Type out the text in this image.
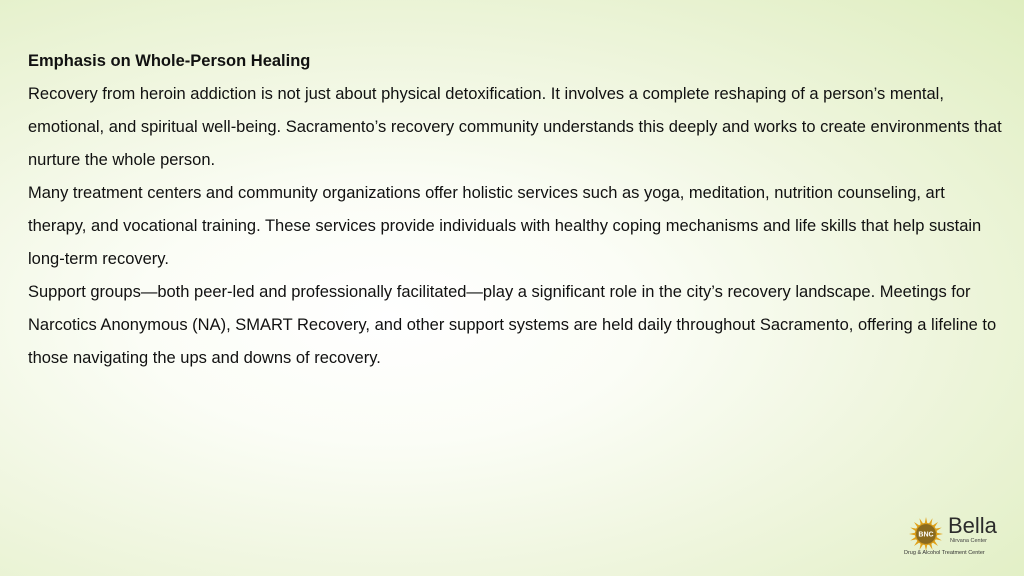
Emphasis on Whole-Person Healing

Recovery from heroin addiction is not just about physical detoxification. It involves a complete reshaping of a person’s mental, emotional, and spiritual well-being. Sacramento’s recovery community understands this deeply and works to create environments that nurture the whole person.

Many treatment centers and community organizations offer holistic services such as yoga, meditation, nutrition counseling, art therapy, and vocational training. These services provide individuals with healthy coping mechanisms and life skills that help sustain long-term recovery.

Support groups—both peer-led and professionally facilitated—play a significant role in the city’s recovery landscape. Meetings for Narcotics Anonymous (NA), SMART Recovery, and other support systems are held daily throughout Sacramento, offering a lifeline to those navigating the ups and downs of recovery.

BNC Bella
Nirvana Center
Drug & Alcohol Treatment Center
